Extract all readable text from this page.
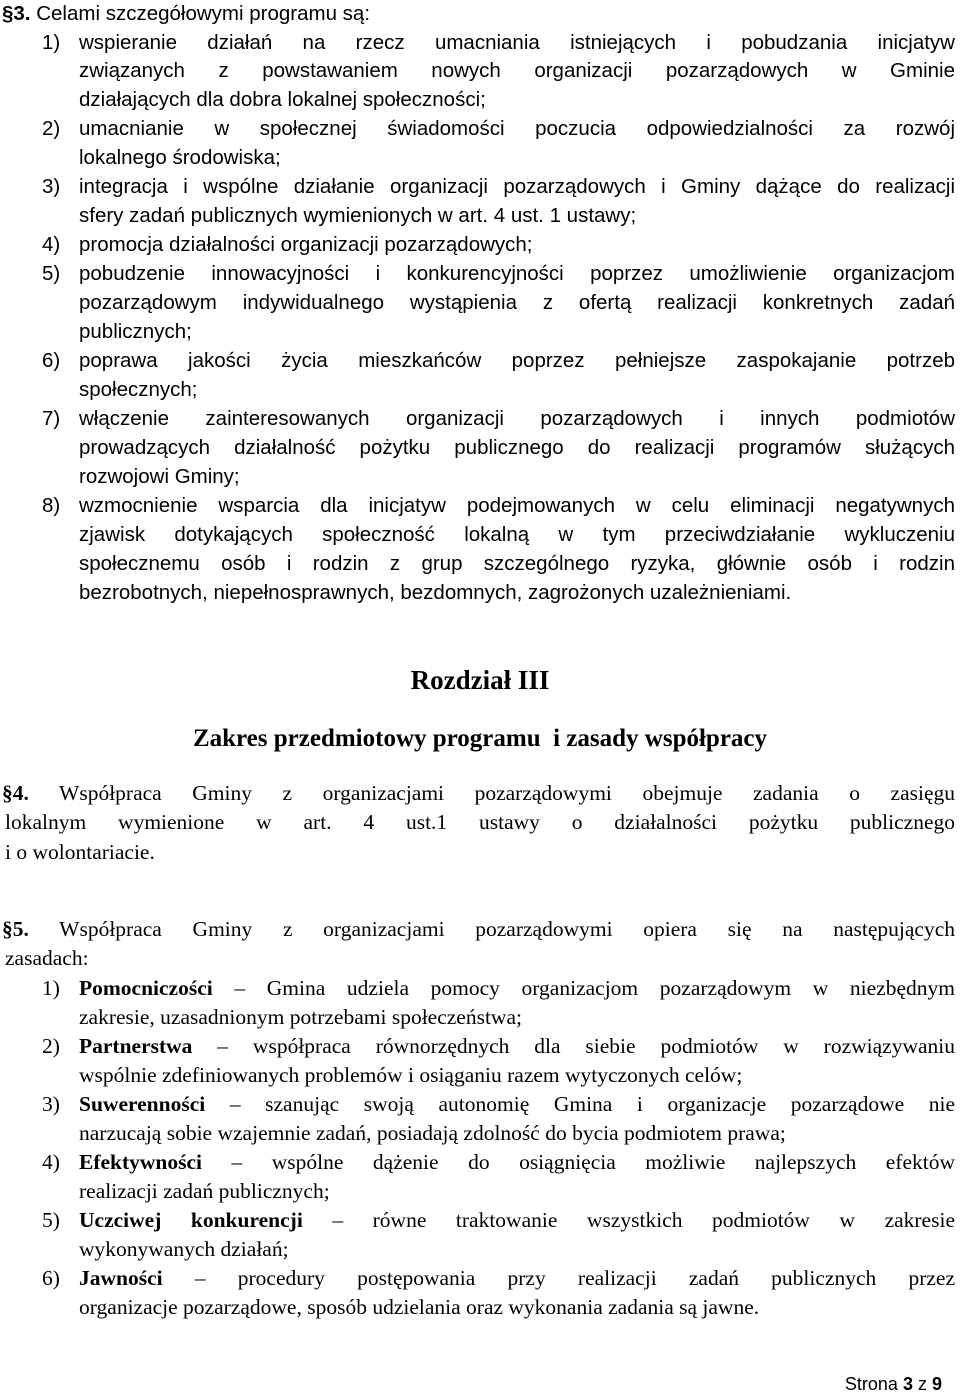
§3. Celami szczegółowymi programu są:
1) wspieranie działań na rzecz umacniania istniejących i pobudzania inicjatyw
związanych z powstawaniem nowych organizacji pozarządowych w Gminie
działających dla dobra lokalnej społeczności;
2) umacnianie w społecznej świadomości poczucia odpowiedzialności za rozwój
lokalnego środowiska;
3) integracja i wspólne działanie organizacji pozarządowych i Gminy dążące do realizacji
sfery zadań publicznych wymienionych w art. 4 ust. 1 ustawy;
4) promocja działalności organizacji pozarządowych;
5) pobudzenie innowacyjności i konkurencyjności poprzez umożliwienie organizacjom
pozarządowym indywidualnego wystąpienia z ofertą realizacji konkretnych zadań
publicznych;
6) poprawa jakości życia mieszkańców poprzez pełniejsze zaspokajanie potrzeb
społecznych;
7) włączenie zainteresowanych organizacji pozarządowych i innych podmiotów
prowadzących działalność pożytku publicznego do realizacji programów służących
rozwojowi Gminy;
8) wzmocnienie wsparcia dla inicjatyw podejmowanych w celu eliminacji negatywnych
zjawisk dotykających społeczność lokalną w tym przeciwdziałanie wykluczeniu
społecznemu osób i rodzin z grup szczególnego ryzyka, głównie osób i rodzin
bezrobotnych, niepełnosprawnych, bezdomnych, zagrożonych uzależnieniami.
Rozdział III
Zakres przedmiotowy programu  i zasady współpracy
§4. Współpraca Gminy z organizacjami pozarządowymi obejmuje zadania o zasięgu
lokalnym wymienione w art. 4 ust.1 ustawy o działalności pożytku publicznego
i o wolontariacie.
§5. Współpraca Gminy z organizacjami pozarządowymi opiera się na następujących
zasadach:
1) Pomocniczości – Gmina udziela pomocy organizacjom pozarządowym w niezbędnym
zakresie, uzasadnionym potrzebami społeczeństwa;
2) Partnerstwa – współpraca równorzędnych dla siebie podmiotów w rozwiązywaniu
wspólnie zdefiniowanych problemów i osiąganiu razem wytyczonych celów;
3) Suwerenności – szanując swoją autonomię Gmina i organizacje pozarządowe nie
narzucają sobie wzajemnie zadań, posiadają zdolność do bycia podmiotem prawa;
4) Efektywności – wspólne dążenie do osiągnięcia możliwie najlepszych efektów
realizacji zadań publicznych;
5) Uczciwej konkurencji – równe traktowanie wszystkich podmiotów w zakresie
wykonywanych działań;
6) Jawności – procedury postępowania przy realizacji zadań publicznych przez
organizacje pozarządowe, sposób udzielania oraz wykonania zadania są jawne.
Strona 3 z 9
